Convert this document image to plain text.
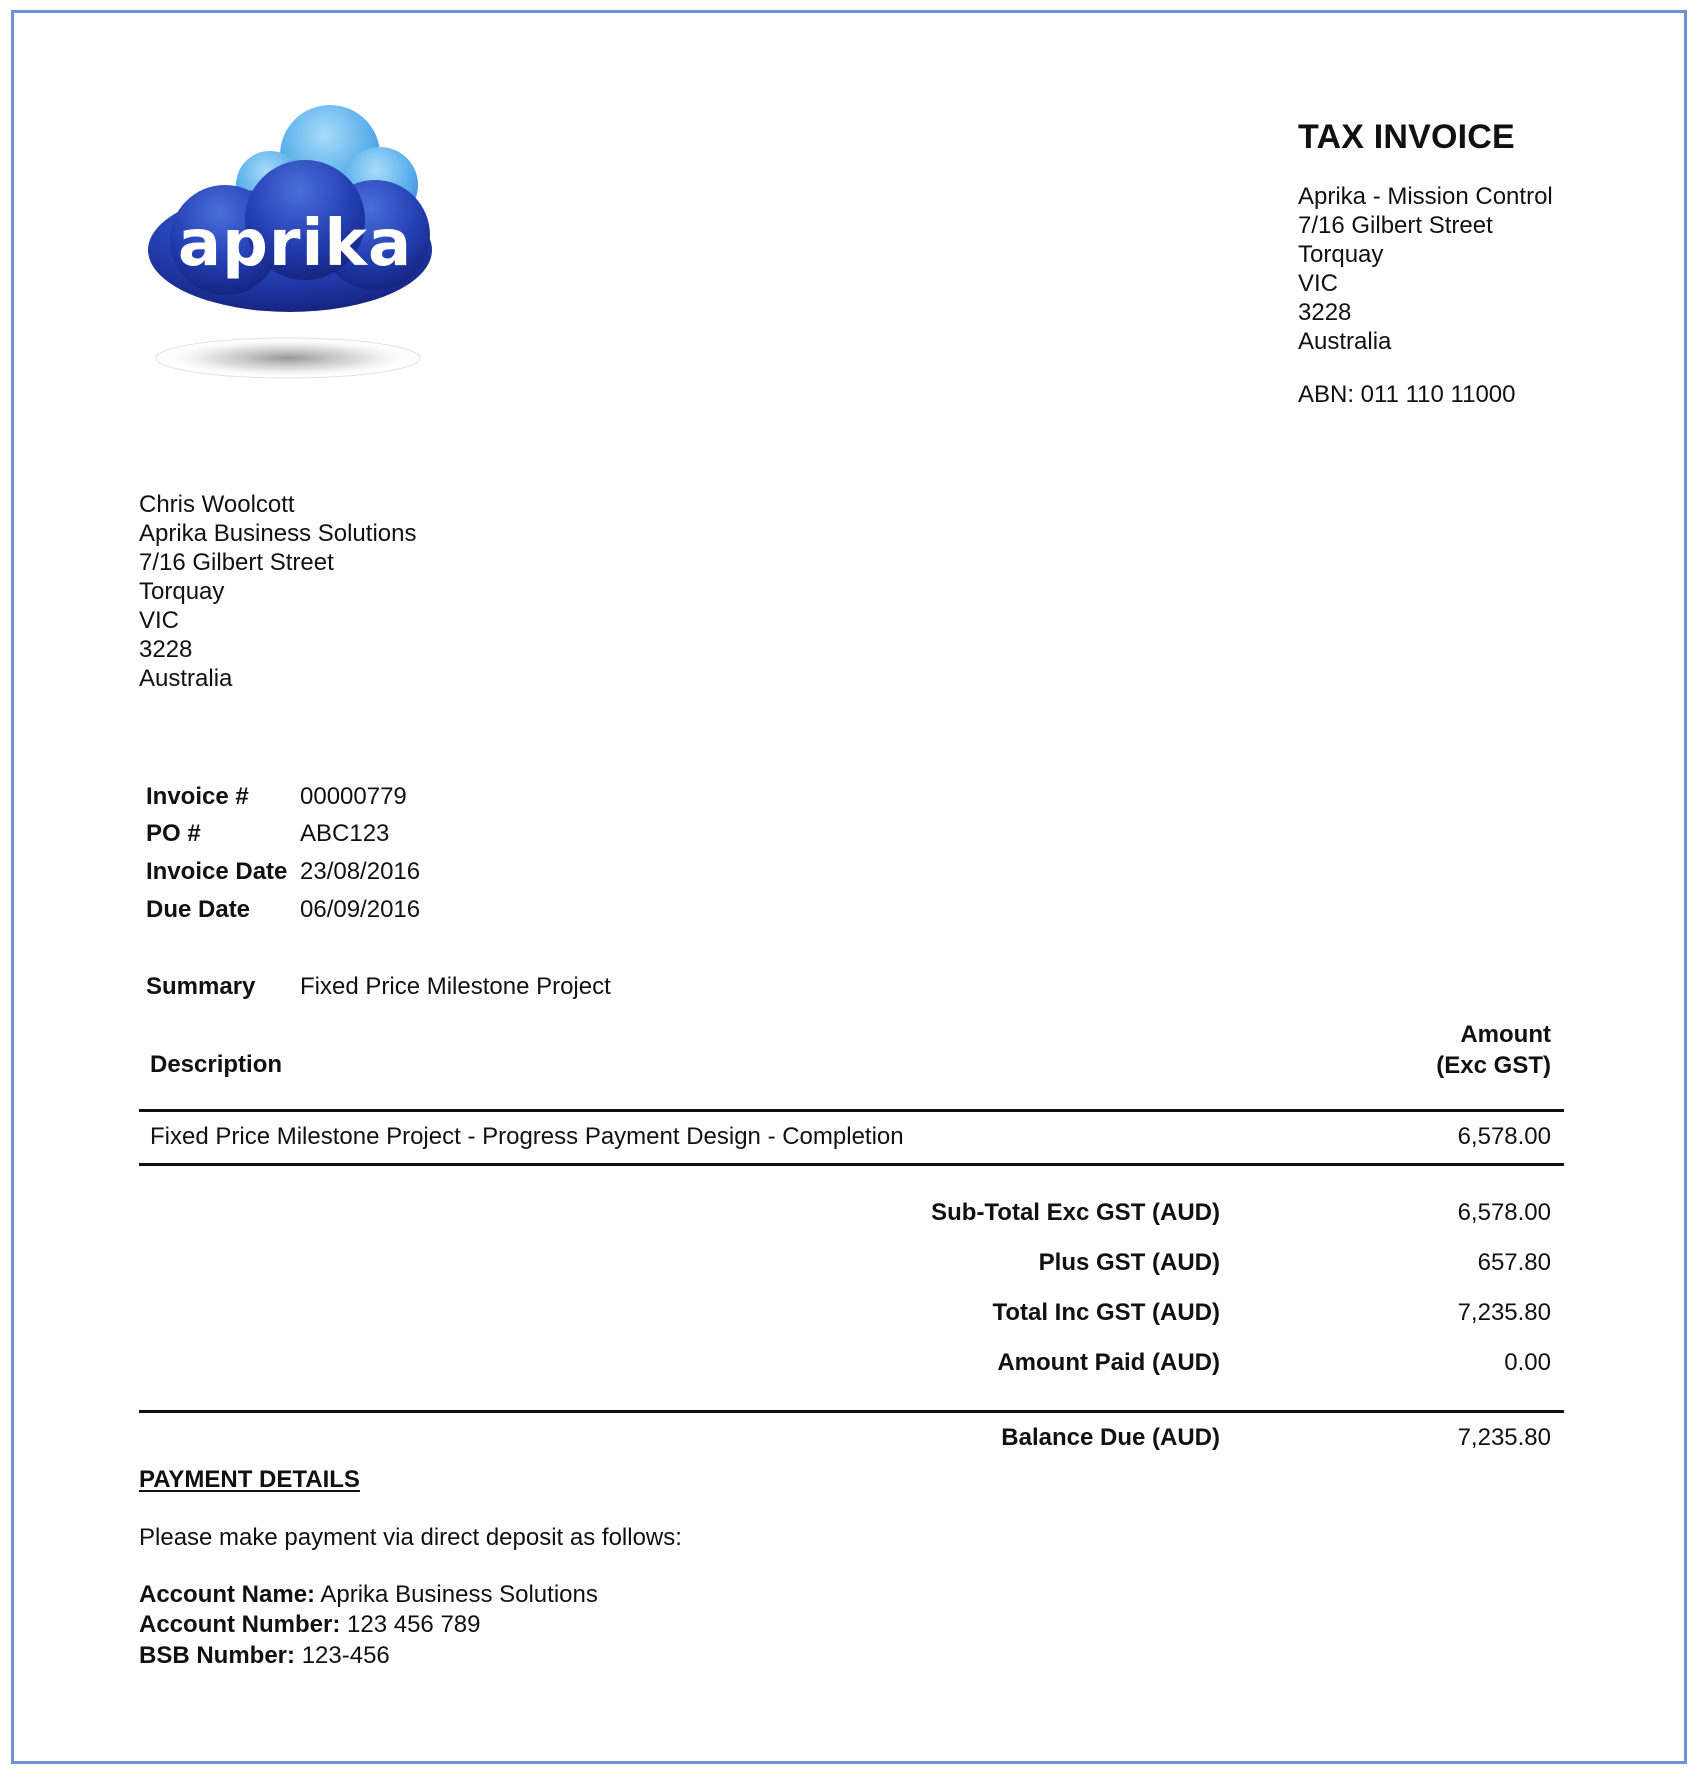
aprika
TAX INVOICE
Aprika - Mission Control
7/16 Gilbert Street
Torquay
VIC
3228
Australia
ABN: 011 110 11000
Chris Woolcott
Aprika Business Solutions
7/16 Gilbert Street
Torquay
VIC
3228
Australia
Invoice # 00000779
PO #	ABC123
Invoice Date 23/08/2016
Due Date 06/09/2016
Summary Fixed Price Milestone Project
Description
Amount
(Exc GST)
Fixed Price Milestone Project - Progress Payment Design - Completion	6,578.00
Sub-Total Exc GST (AUD)	6,578.00
Plus GST (AUD)	657.80
Total Inc GST (AUD)	7,235.80
Amount Paid (AUD)	0.00
Balance Due (AUD)	7,235.80
PAYMENT DETAILS
Please make payment via direct deposit as follows:
Account Name: Aprika Business Solutions
Account Number: 123 456 789
BSB Number: 123-456
